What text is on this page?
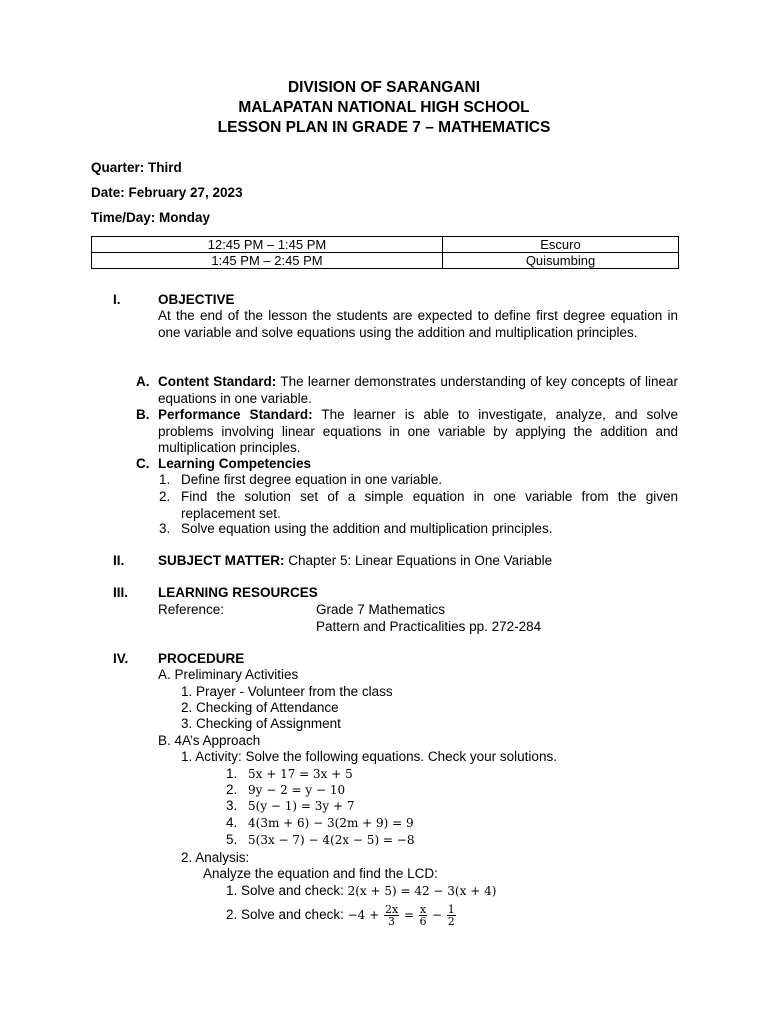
DIVISION OF SARANGANI
MALAPATAN NATIONAL HIGH SCHOOL
LESSON PLAN IN GRADE 7 – MATHEMATICS
Quarter: Third
Date: February 27, 2023
Time/Day: Monday
12:45 PM – 1:45 PM	Escuro
1:45 PM – 2:45 PM	Quisumbing
I.	OBJECTIVE
At the end of the lesson the students are expected to define first degree equation in one variable and solve equations using the addition and multiplication principles.
A. Content Standard: The learner demonstrates understanding of key concepts of linear equations in one variable.
B. Performance Standard: The learner is able to investigate, analyze, and solve problems involving linear equations in one variable by applying the addition and multiplication principles.
C. Learning Competencies
1. Define first degree equation in one variable.
2. Find the solution set of a simple equation in one variable from the given replacement set.
3. Solve equation using the addition and multiplication principles.
II. SUBJECT MATTER: Chapter 5: Linear Equations in One Variable
III. LEARNING RESOURCES
Reference:	Grade 7 Mathematics
Pattern and Practicalities pp. 272-284
IV. PROCEDURE
A. Preliminary Activities
1. Prayer - Volunteer from the class
2. Checking of Attendance
3. Checking of Assignment
B. 4A’s Approach
1. Activity: Solve the following equations. Check your solutions.
1. 5x + 17 = 3x + 5
2. 9y − 2 = y − 10
3. 5(y − 1) = 3y + 7
4. 4(3m + 6) − 3(2m + 9) = 9
5. 5(3x − 7) − 4(2x − 5) = −8
2. Analysis:
Analyze the equation and find the LCD:
1. Solve and check: 2(x + 5) = 42 − 3(x + 4)
2. Solve and check: $-4 + \frac{2x}{3} = \frac{x}{6} - \frac{1}{2}$
